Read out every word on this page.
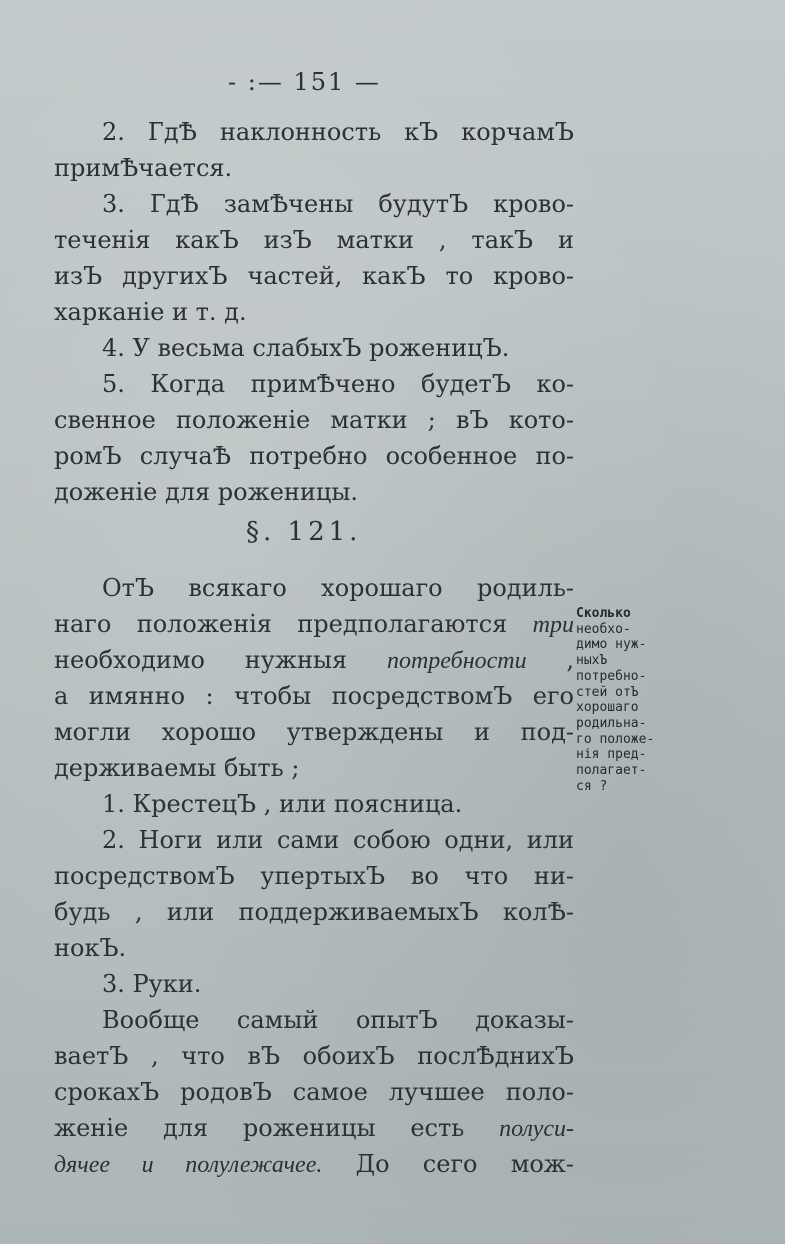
- :— 151 —
2. ГдѢ наклонность кЪ корчамЪ
примѢчается.
3. ГдѢ замѢчены будутЪ крово-
теченія какЪ изЪ матки , такЪ и
изЪ другихЪ частей, какЪ то крово-
харканіе и т. д.
4. У весьма слабыхЪ роженицЪ.
5. Когда примѢчено будетЪ ко-
свенное положеніе матки ; вЪ кото-
ромЪ случаѢ потребно особенное по-
доженіе для роженицы.
§. 121.
ОтЪ всякаго хорошаго родиль-
наго положенія предполагаются три
необходимо нужныя потребности ,
а имянно : чтобы посредствомЪ его
могли хорошо утверждены и под-
держиваемы быть ;
1. КрестецЪ , или поясница.
2. Ноги или сами собою одни, или
посредствомЪ упертыхЪ во что ни-
будь , или поддерживаемыхЪ колѢ-
нокЪ.
3. Руки.
Вообще самый опытЪ доказы-
ваетЪ , что вЪ обоихЪ послѢднихЪ
срокахЪ родовЪ самое лучшее поло-
женіе для роженицы есть полуси-
дячее и полулежачее. До сего мож-
Сколько
необхо-
димо нуж-
ныхЪ
потребно-
стей отЪ
хорошаго
родильна-
го положе-
нія пред-
полагает-
ся ?
